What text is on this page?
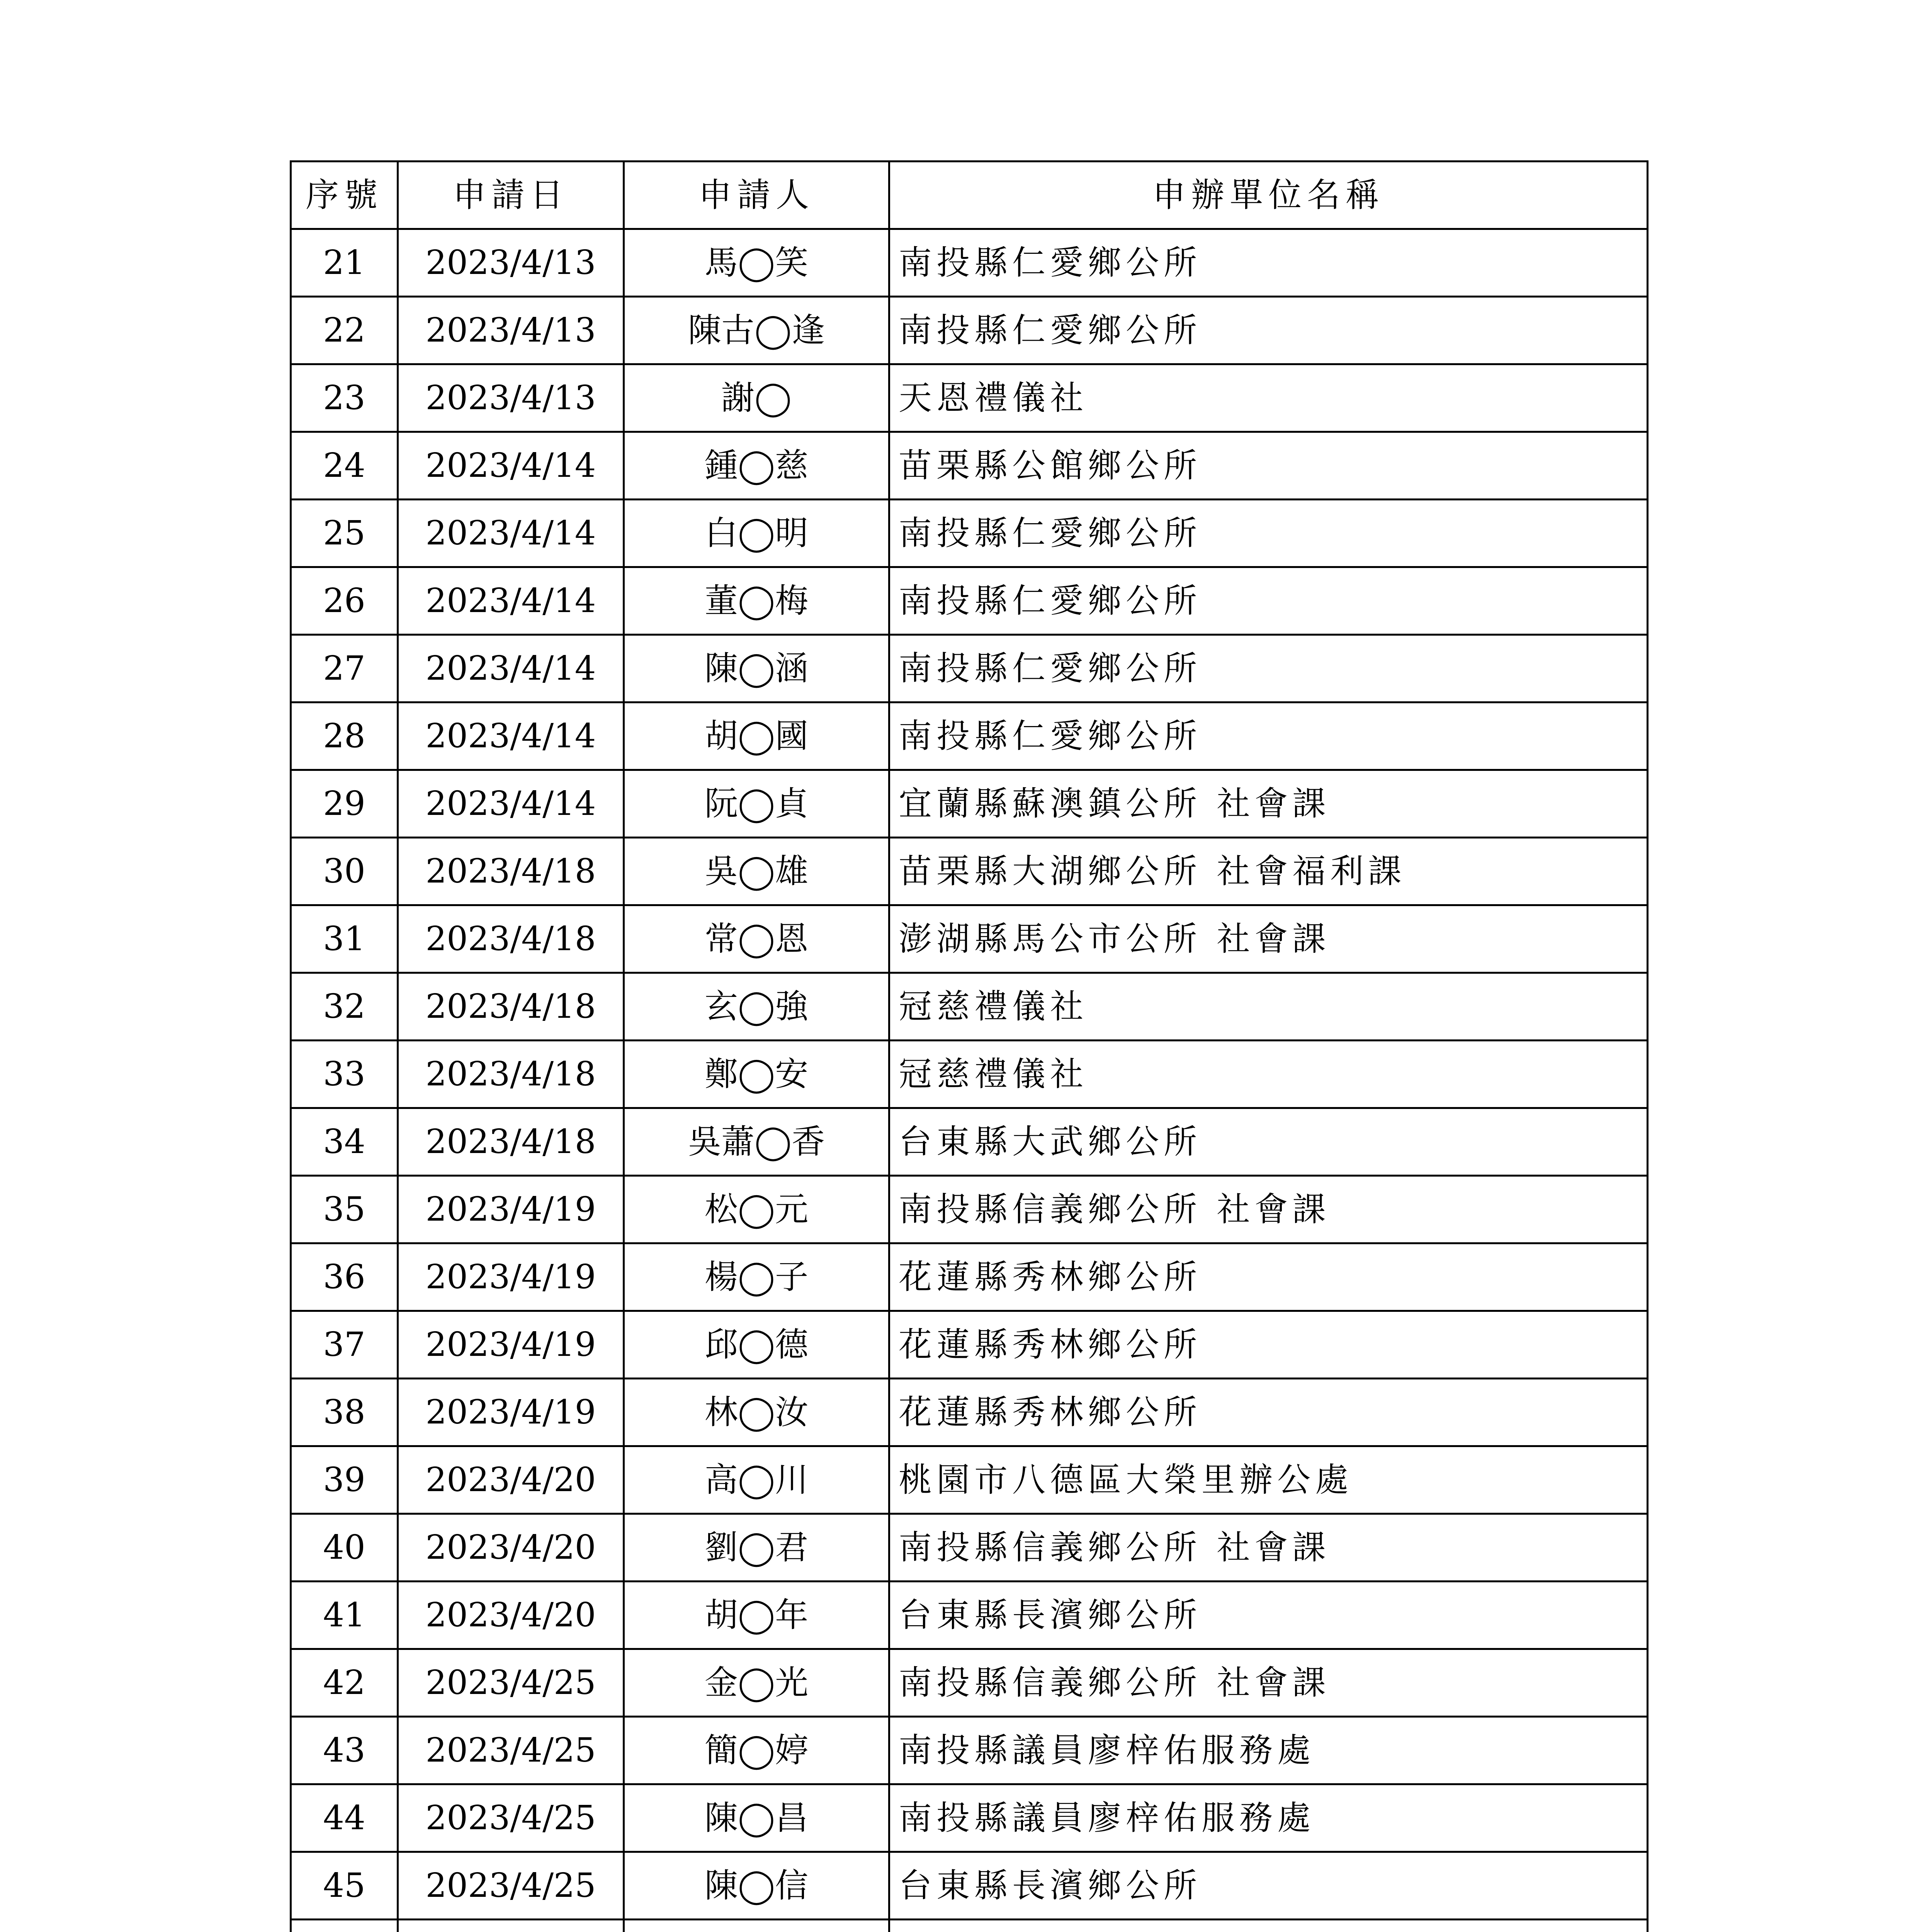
序號	申請日	申請人	申辦單位名稱
21	2023/4/13	馬◯笑	南投縣仁愛鄉公所
22	2023/4/13	陳古◯逢	南投縣仁愛鄉公所
23	2023/4/13	謝◯	天恩禮儀社
24	2023/4/14	鍾◯慈	苗栗縣公館鄉公所
25	2023/4/14	白◯明	南投縣仁愛鄉公所
26	2023/4/14	董◯梅	南投縣仁愛鄉公所
27	2023/4/14	陳◯涵	南投縣仁愛鄉公所
28	2023/4/14	胡◯國	南投縣仁愛鄉公所
29	2023/4/14	阮◯貞	宜蘭縣蘇澳鎮公所 社會課
30	2023/4/18	吳◯雄	苗栗縣大湖鄉公所 社會福利課
31	2023/4/18	常◯恩	澎湖縣馬公市公所 社會課
32	2023/4/18	玄◯強	冠慈禮儀社
33	2023/4/18	鄭◯安	冠慈禮儀社
34	2023/4/18	吳蕭◯香	台東縣大武鄉公所
35	2023/4/19	松◯元	南投縣信義鄉公所 社會課
36	2023/4/19	楊◯子	花蓮縣秀林鄉公所
37	2023/4/19	邱◯德	花蓮縣秀林鄉公所
38	2023/4/19	林◯汝	花蓮縣秀林鄉公所
39	2023/4/20	高◯川	桃園市八德區大榮里辦公處
40	2023/4/20	劉◯君	南投縣信義鄉公所 社會課
41	2023/4/20	胡◯年	台東縣長濱鄉公所
42	2023/4/25	金◯光	南投縣信義鄉公所 社會課
43	2023/4/25	簡◯婷	南投縣議員廖梓佑服務處
44	2023/4/25	陳◯昌	南投縣議員廖梓佑服務處
45	2023/4/25	陳◯信	台東縣長濱鄉公所
